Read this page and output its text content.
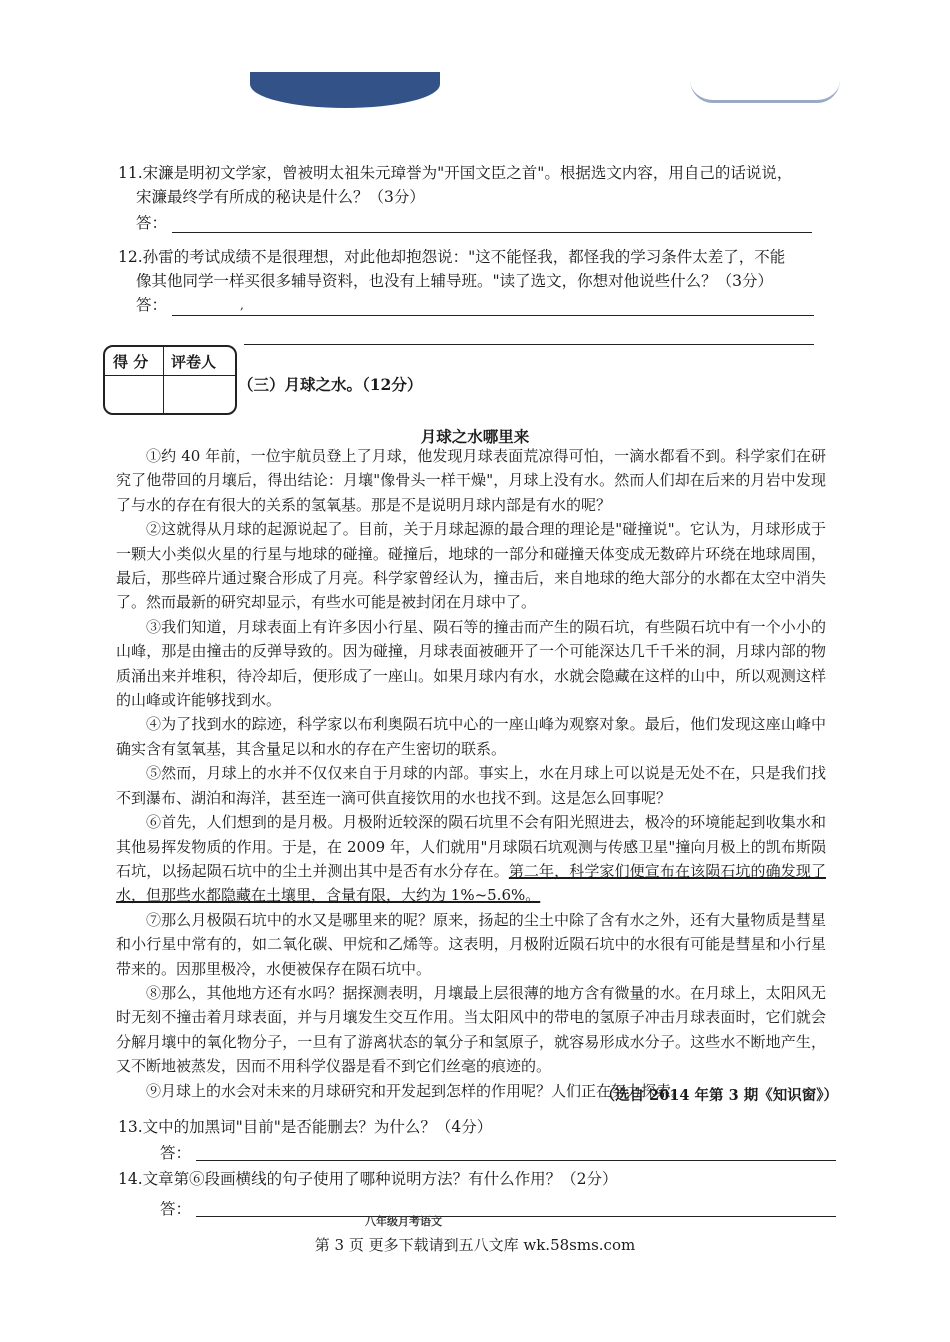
11.宋濂是明初文学家，曾被明太祖朱元璋誉为"开国文臣之首"。根据选文内容，用自己的话说说，
宋濂最终学有所成的秘诀是什么？（3分）
答：
12.孙雷的考试成绩不是很理想，对此他却抱怨说："这不能怪我，都怪我的学习条件太差了，不能
像其他同学一样买很多辅导资料，也没有上辅导班。"读了选文，你想对他说些什么？（3分）
答：	,
得 分 评卷人
（三）月球之水。（12分）
月球之水哪里来

①约 40 年前，一位宇航员登上了月球，他发现月球表面荒凉得可怕，一滴水都看不到。科学家们在研究了他带回的月壤后，得出结论：月壤"像骨头一样干燥"，月球上没有水。然而人们却在后来的月岩中发现了与水的存在有很大的关系的氢氧基。那是不是说明月球内部是有水的呢？

②这就得从月球的起源说起了。目前，关于月球起源的最合理的理论是"碰撞说"。它认为，月球形成于一颗大小类似火星的行星与地球的碰撞。碰撞后，地球的一部分和碰撞天体变成无数碎片环绕在地球周围，最后，那些碎片通过聚合形成了月亮。科学家曾经认为，撞击后，来自地球的绝大部分的水都在太空中消失了。然而最新的研究却显示，有些水可能是被封闭在月球中了。

③我们知道，月球表面上有许多因小行星、陨石等的撞击而产生的陨石坑，有些陨石坑中有一个小小的山峰，那是由撞击的反弹导致的。因为碰撞，月球表面被砸开了一个可能深达几千千米的洞，月球内部的物质涌出来并堆积，待冷却后，便形成了一座山。如果月球内有水，水就会隐藏在这样的山中，所以观测这样的山峰或许能够找到水。

④为了找到水的踪迹，科学家以布利奥陨石坑中心的一座山峰为观察对象。最后，他们发现这座山峰中确实含有氢氧基，其含量足以和水的存在产生密切的联系。

⑤然而，月球上的水并不仅仅来自于月球的内部。事实上，水在月球上可以说是无处不在，只是我们找不到瀑布、湖泊和海洋，甚至连一滴可供直接饮用的水也找不到。这是怎么回事呢？

⑥首先，人们想到的是月极。月极附近较深的陨石坑里不会有阳光照进去，极冷的环境能起到收集水和其他易挥发物质的作用。于是，在 2009 年，人们就用"月球陨石坑观测与传感卫星"撞向月极上的凯布斯陨石坑，以扬起陨石坑中的尘土并测出其中是否有水分存在。第二年，科学家们便宣布在该陨石坑的确发现了水，但那些水都隐藏在土壤里，含量有限，大约为 1%~5.6%。

⑦那么月极陨石坑中的水又是哪里来的呢？原来，扬起的尘土中除了含有水之外，还有大量物质是彗星和小行星中常有的，如二氧化碳、甲烷和乙烯等。这表明，月极附近陨石坑中的水很有可能是彗星和小行星带来的。因那里极冷，水便被保存在陨石坑中。

⑧那么，其他地方还有水吗？据探测表明，月壤最上层很薄的地方含有微量的水。在月球上，太阳风无时无刻不撞击着月球表面，并与月壤发生交互作用。当太阳风中的带电的氢原子冲击月球表面时，它们就会分解月壤中的氧化物分子，一旦有了游离状态的氧分子和氢原子，就容易形成水分子。这些水不断地产生，又不断地被蒸发，因而不用科学仪器是看不到它们丝毫的痕迹的。

⑨月球上的水会对未来的月球研究和开发起到怎样的作用呢？人们正在努力探索。

（选自 2014 年第 3 期《知识窗》）
13.文中的加黑词"目前"是否能删去？为什么？（4分）
答：
14.文章第⑥段画横线的句子使用了哪种说明方法？有什么作用？（2分）
答：
八年级月考语文
第 3 页 更多下载请到五八文库 wk.58sms.com
